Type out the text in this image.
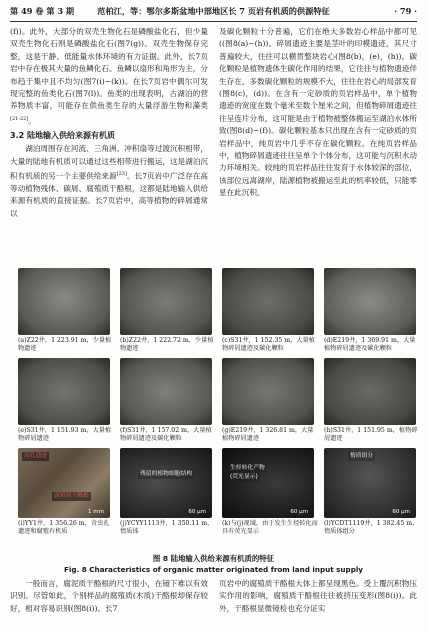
第 49 卷 第 3 期	范柏江，等：鄂尔多斯盆地中部地区长 7 页岩有机质的供源特征	· 79 ·

(f))。此外，大部分的双壳生物化石是磷酸盐化石，但少量双壳生物化石则是磷酸盐化石(图7(g))。双壳生物保存完整，这是干静、低能量水体环境的有力证据。此外，长7页岩中存在极其大量的鱼鳞化石。鱼鳞以扇形和角形为主，分布趋于集中且不均匀(图7(i)~(k))。在长7页岩中偶尔可发现完整的鱼类化石(图7(l))。鱼类的出现表明，古湖泊的营养物质丰富，可能存在供鱼类生存的大量浮游生物和藻类[21-22]。

3.2 陆地输入供给来源有机质

湖泊周围存在河流、三角洲、冲积扇等过渡沉积相带，大量的陆地有机质可以通过这些相带进行搬运，这是湖泊沉积有机质的另一个主要供给来源[23]。长7页岩中广泛存在高等动植物残体、碳屑、腐殖质干酪根，这都是陆地输入供给来源有机质的直接证据。长7页岩中，高等植物的碎屑通常以

及碳化颗粒十分普遍，它们在绝大多数岩心样品中都可见((图8(a)~(h))。碎屑遗迹主要是茎叶的印模遗迹，其尺寸普遍较大，往往可以横贯整块岩心(图8(b)，(e)，(h))。碳化颗粒是植物遗体生碳化作用的结果，它往往与植物遗迹伴生存在，多数碳化颗粒的规模不大，往往在岩心的局部发育(图8(c)，(d))。在含有一定砂质的页岩样品中，单个植物遗迹的宽度在数个毫米至数个厘米之间，但植物碎屑遗迹往往呈连片分布，这可能是由于植物被整体搬运至湖泊水体所致(图8(d)~(f))。碳化颗粒基本只出现在含有一定砂质的页岩样品中，纯页岩中几乎不存在碳化颗粒。在纯页岩样品中，植物碎屑遗迹往往呈单个个体分布，这可能与沉积水动力环境相关。较纯的页岩样品往往发育于水体较深的部位，该部位远离湖岸，陆源植物被搬运至此的机率较低，只能零星在此沉积。

(a)Z22井，1 223.91 m，少量植物遗迹
(b)Z22井，1 222.72 m，少量植物遗迹
(c)S31井，1 152.35 m，大量植物碎屑遗迹及碳化颗粒
(d)E219井，1 369.91 m，大量植物碎屑遗迹及碳化颗粒
(e)S31井，1 151.93 m，大量植物碎屑遗迹
(f)S31井，1 157.02 m，大量植物碎屑遗迹及碳化颗粒
(g)E219井，1 326.81 m，大量植物碎屑遗迹
(h)S31井，1 151.95 m，植物碎屑遗迹
高孔遗迹
腐殖质干酪根
1 mm
残留的植物细胞结构
60 μm
生烃转化产物
(荧光显示)
60 μm
惰质组分
60 μm
(i)YY1井，1 356.26 m，含虫孔遗迹和腐殖有机质
(j)YCYY1113井，1 350.11 m，惰质体
(k)与(j)视域，由于发生生烃转化而具有荧光显示
(l)YCDT1119井，1 382.45 m，惰质体组分
图 8 陆地输入供给来源有机质的特征
Fig. 8 Characteristics of organic matter originated from land input supply

一般而言，腐泥质干酪根的尺寸很小，在镜下难以有效识别。尽管如此，个别样品的腐殖质(木质)干酪根却保存较好，相对容易识别(图8(i))。长7

页岩中的腐殖质干酪根大体上都呈现黑色。受上覆沉积物压实作用的影响，腐殖质干酪根往往被挤压变形(图8(i))。此外，干酪根显微镜检也充分证实
